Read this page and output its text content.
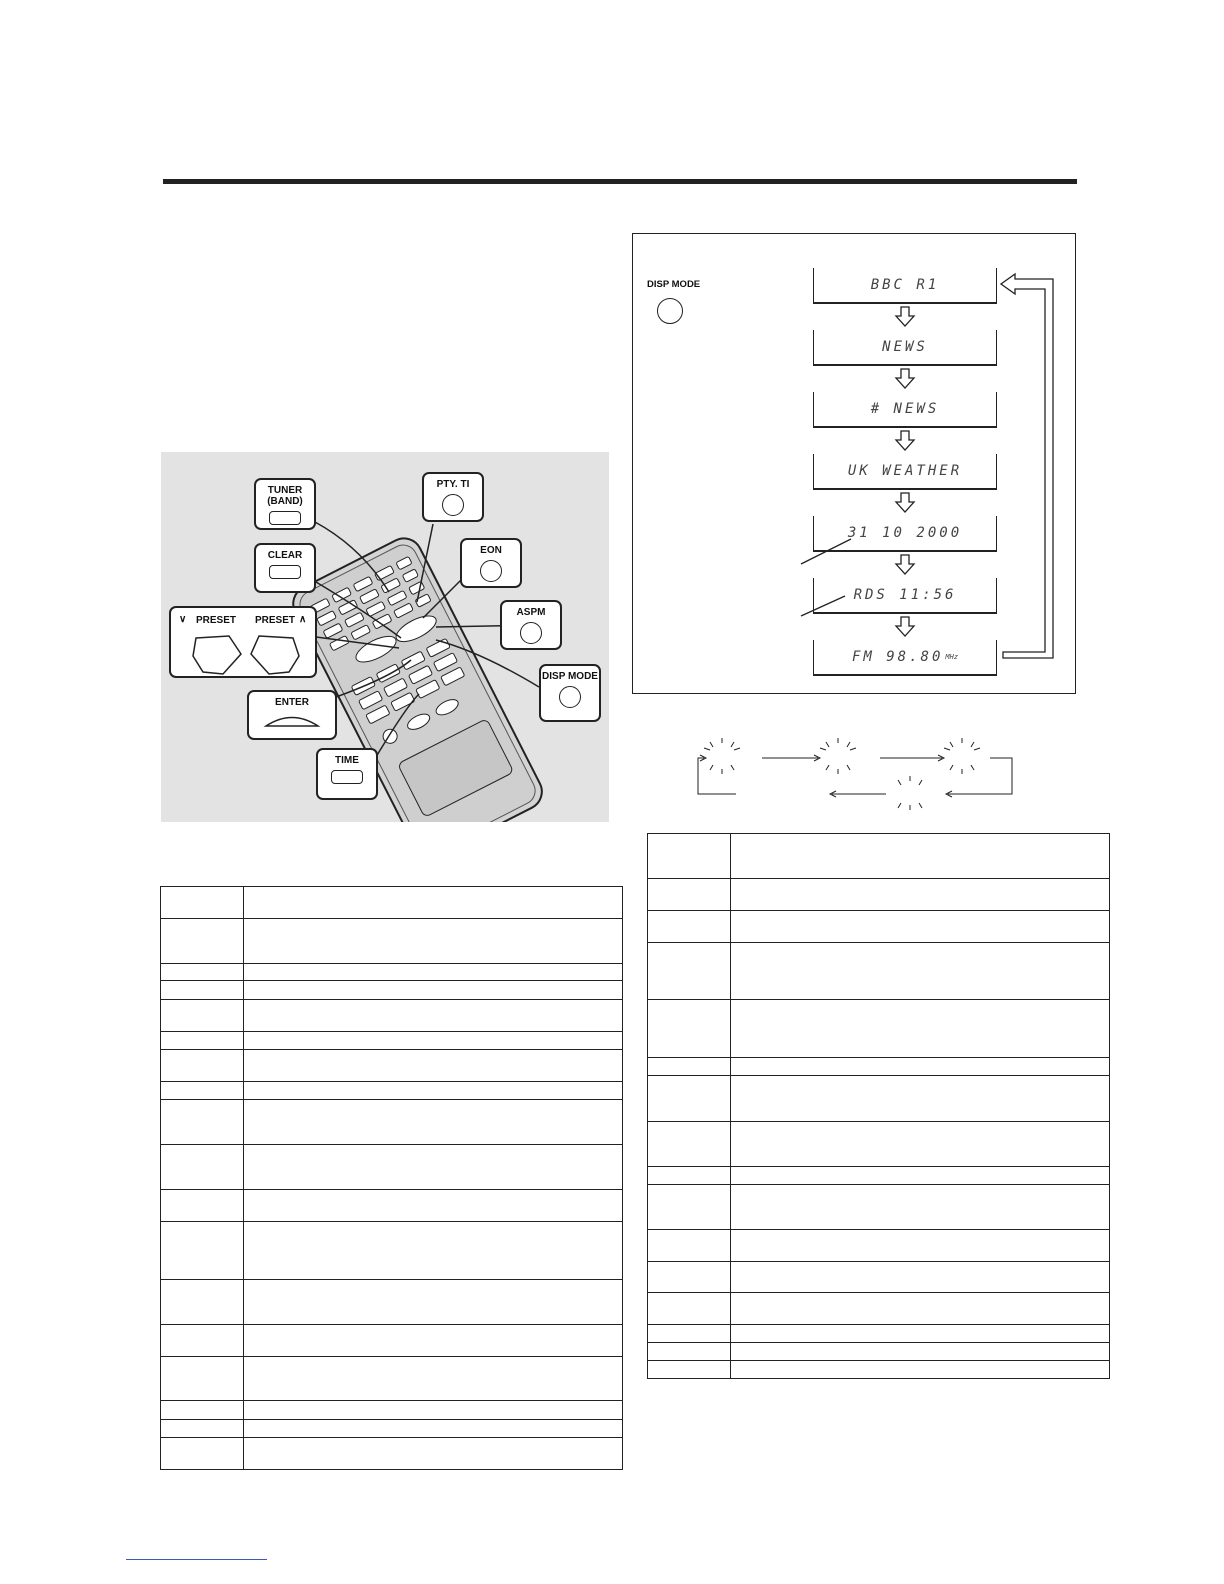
TUNER
(BAND)
PTY. TI
CLEAR	EON
∨ PRESET PRESET ∧
ASPM
DISP MODE
ENTER
TIME
DISP MODE	BBC R1
NEWS
# NEWS
UK WEATHER
31 10 2000
RDS 11:56
FM 98.80 MHz
